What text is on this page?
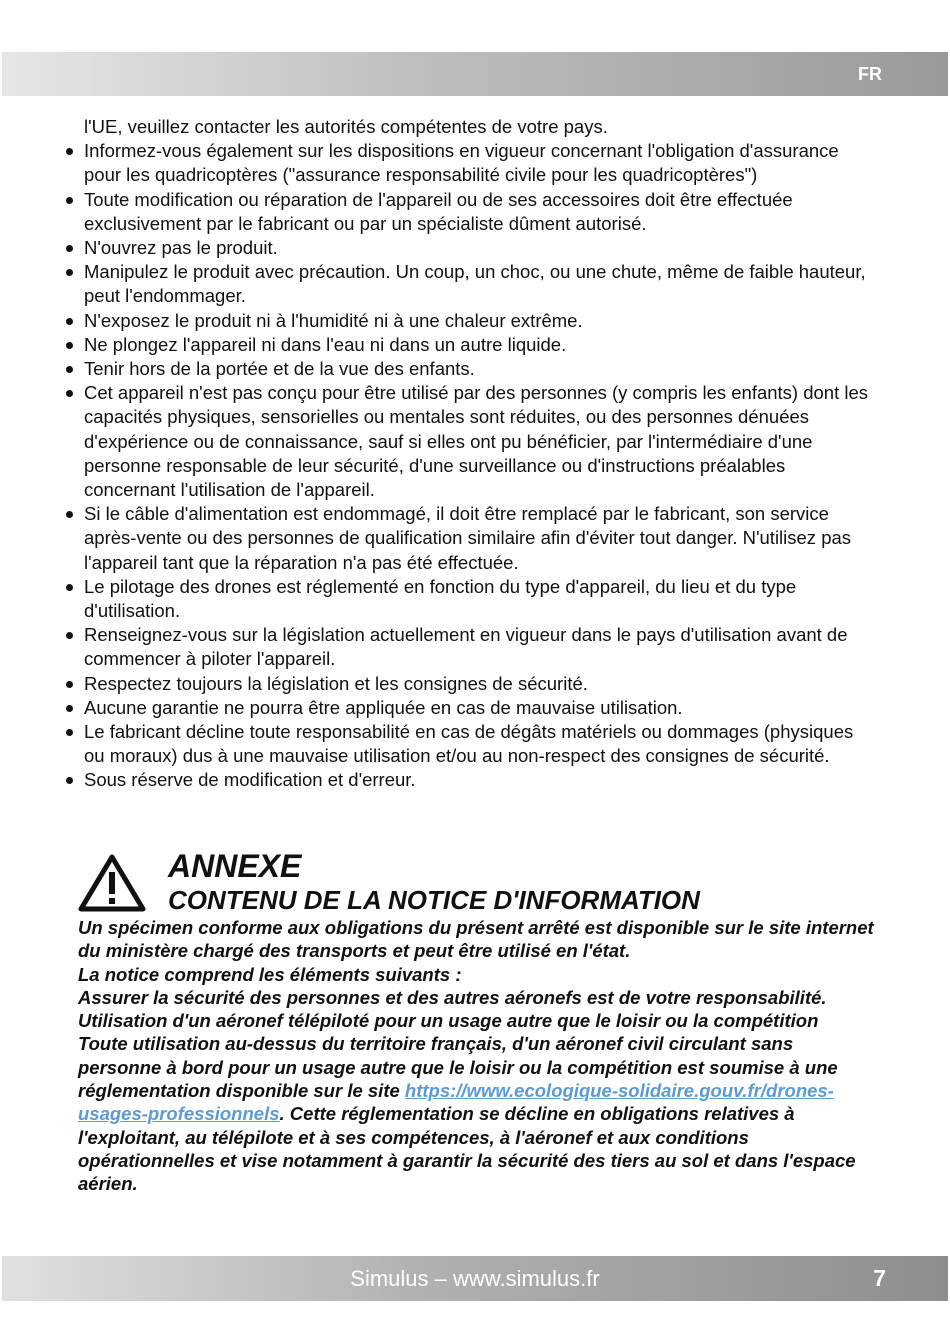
FR
l'UE, veuillez contacter les autorités compétentes de votre pays.
Informez-vous également sur les dispositions en vigueur concernant l'obligation d'assurance pour les quadricoptères ("assurance responsabilité civile pour les quadricoptères")
Toute modification ou réparation de l'appareil ou de ses accessoires doit être effectuée exclusivement par le fabricant ou par un spécialiste dûment autorisé.
N'ouvrez pas le produit.
Manipulez le produit avec précaution. Un coup, un choc, ou une chute, même de faible hauteur, peut l'endommager.
N'exposez le produit ni à l'humidité ni à une chaleur extrême.
Ne plongez l'appareil ni dans l'eau ni dans un autre liquide.
Tenir hors de la portée et de la vue des enfants.
Cet appareil n'est pas conçu pour être utilisé par des personnes (y compris les enfants) dont les capacités physiques, sensorielles ou mentales sont réduites, ou des personnes dénuées d'expérience ou de connaissance, sauf si elles ont pu bénéficier, par l'intermédiaire d'une personne responsable de leur sécurité, d'une surveillance ou d'instructions préalables concernant l'utilisation de l'appareil.
Si le câble d'alimentation est endommagé, il doit être remplacé par le fabricant, son service après-vente ou des personnes de qualification similaire afin d'éviter tout danger. N'utilisez pas l'appareil tant que la réparation n'a pas été effectuée.
Le pilotage des drones est réglementé en fonction du type d'appareil, du lieu et du type d'utilisation.
Renseignez-vous sur la législation actuellement en vigueur dans le pays d'utilisation avant de commencer à piloter l'appareil.
Respectez toujours la législation et les consignes de sécurité.
Aucune garantie ne pourra être appliquée en cas de mauvaise utilisation.
Le fabricant décline toute responsabilité en cas de dégâts matériels ou dommages (physiques ou moraux) dus à une mauvaise utilisation et/ou au non-respect des consignes de sécurité.
Sous réserve de modification et d'erreur.
ANNEXE
CONTENU DE LA NOTICE D'INFORMATION

Un spécimen conforme aux obligations du présent arrêté est disponible sur le site internet du ministère chargé des transports et peut être utilisé en l'état.

La notice comprend les éléments suivants :

Assurer la sécurité des personnes et des autres aéronefs est de votre responsabilité.

Utilisation d'un aéronef télépiloté pour un usage autre que le loisir ou la compétition

Toute utilisation au-dessus du territoire français, d'un aéronef civil circulant sans personne à bord pour un usage autre que le loisir ou la compétition est soumise à une réglementation disponible sur le site https://www.ecologique-solidaire.gouv.fr/drones-usages-professionnels. Cette réglementation se décline en obligations relatives à l'exploitant, au télépilote et à ses compétences, à l'aéronef et aux conditions opérationnelles et vise notamment à garantir la sécurité des tiers au sol et dans l'espace aérien.

Simulus – www.simulus.fr	7
